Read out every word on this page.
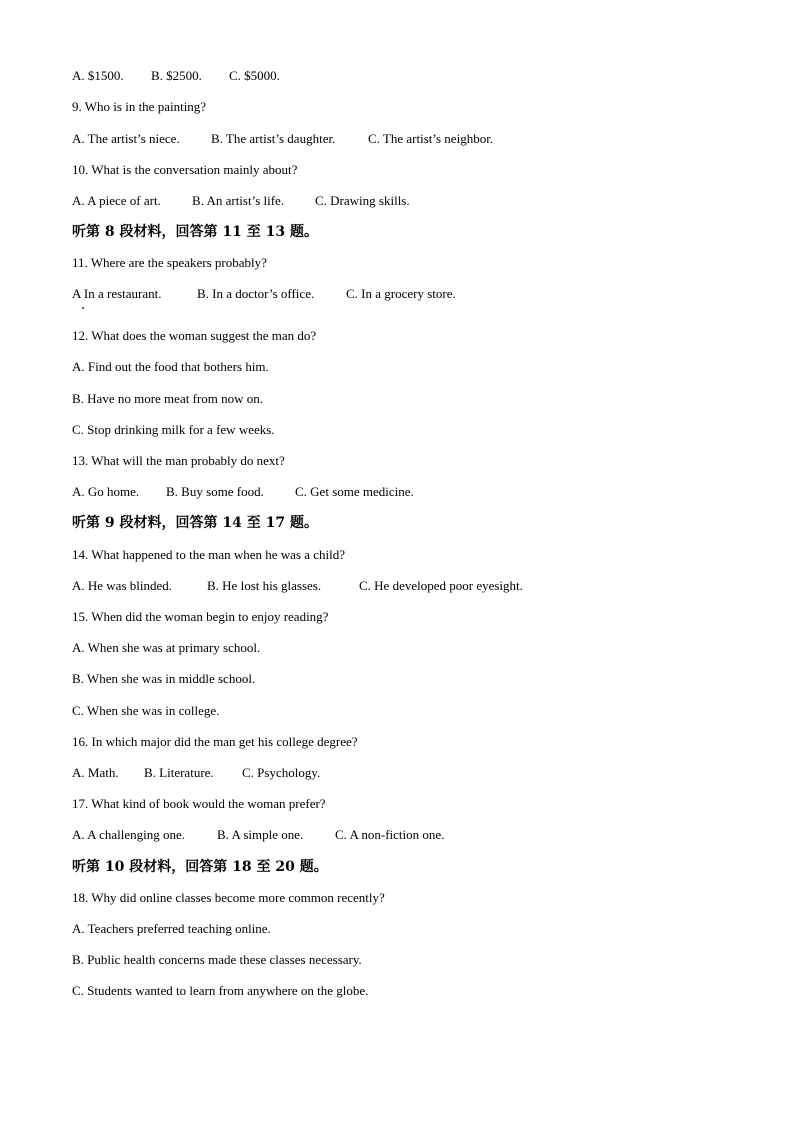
A. $1500. B. $2500. C. $5000.
9. Who is in the painting?
A. The artist’s niece. B. The artist’s daughter.	C. The artist’s neighbor.
10. What is the conversation mainly about?
A. A piece of art. B. An artist’s life. C. Drawing skills.
听第 8 段材料，回答第 11 至 13 题。
11. Where are the speakers probably?
A In a restaurant.	B. In a doctor’s office. C. In a grocery store.
12. What does the woman suggest the man do?
A. Find out the food that bothers him.
B. Have no more meat from now on.
C. Stop drinking milk for a few weeks.
13. What will the man probably do next?
A. Go home. B. Buy some food. C. Get some medicine.
听第 9 段材料，回答第 14 至 17 题。
14. What happened to the man when he was a child?
A. He was blinded.	B. He lost his glasses.	C. He developed poor eyesight.
15. When did the woman begin to enjoy reading?
A. When she was at primary school.
B. When she was in middle school.
C. When she was in college.
16. In which major did the man get his college degree?
A. Math. B. Literature. C. Psychology.
17. What kind of book would the woman prefer?
A. A challenging one. B. A simple one. C. A non-fiction one.
听第 10 段材料，回答第 18 至 20 题。
18. Why did online classes become more common recently?
A. Teachers preferred teaching online.
B. Public health concerns made these classes necessary.
C. Students wanted to learn from anywhere on the globe.
